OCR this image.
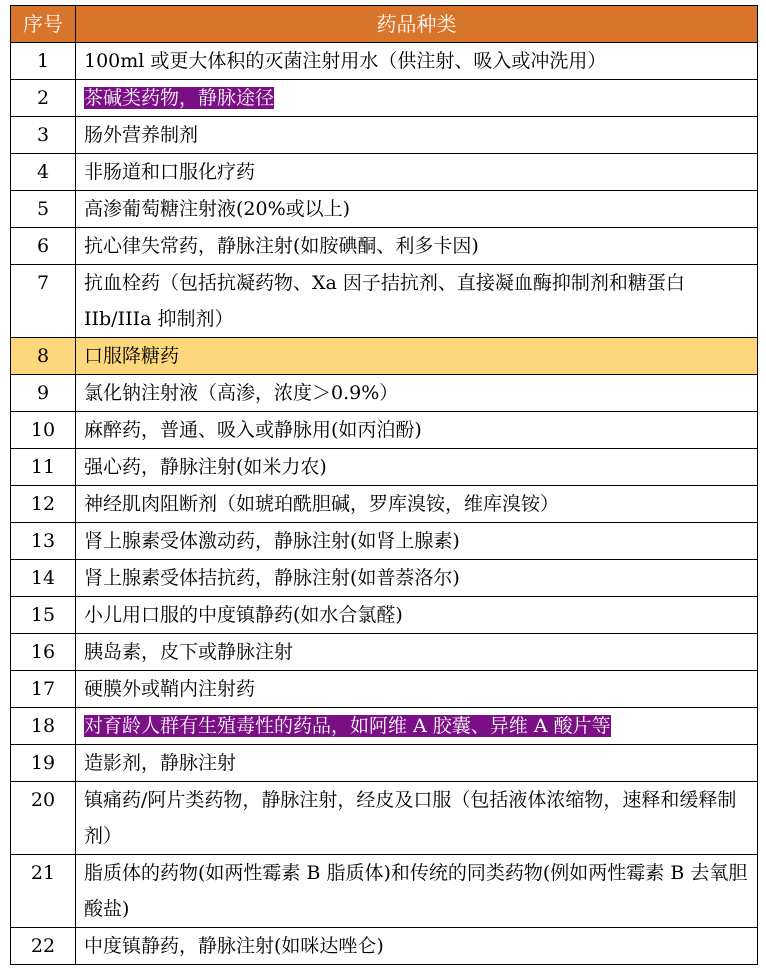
序号	药品种类
1	100ml 或更大体积的灭菌注射用水（供注射、吸入或冲洗用）
2	茶碱类药物，静脉途径
3	肠外营养制剂
4	非肠道和口服化疗药
5	高渗葡萄糖注射液(20%或以上)
6	抗心律失常药，静脉注射(如胺碘酮、利多卡因)
7	抗血栓药（包括抗凝药物、Xa 因子拮抗剂、直接凝血酶抑制剂和糖蛋白 IIb/IIIa 抑制剂）
8	口服降糖药
9	氯化钠注射液（高渗，浓度＞0.9%）
10	麻醉药，普通、吸入或静脉用(如丙泊酚)
11	强心药，静脉注射(如米力农)
12	神经肌肉阻断剂（如琥珀酰胆碱，罗库溴铵，维库溴铵）
13	肾上腺素受体激动药，静脉注射(如肾上腺素)
14	肾上腺素受体拮抗药，静脉注射(如普萘洛尔)
15	小儿用口服的中度镇静药(如水合氯醛)
16	胰岛素，皮下或静脉注射
17	硬膜外或鞘内注射药
18	对育龄人群有生殖毒性的药品，如阿维 A 胶囊、异维 A 酸片等
19	造影剂，静脉注射
20	镇痛药/阿片类药物，静脉注射，经皮及口服（包括液体浓缩物，速释和缓释制剂）
21	脂质体的药物(如两性霉素 B 脂质体)和传统的同类药物(例如两性霉素 B 去氧胆酸盐)
22	中度镇静药，静脉注射(如咪达唑仑)
